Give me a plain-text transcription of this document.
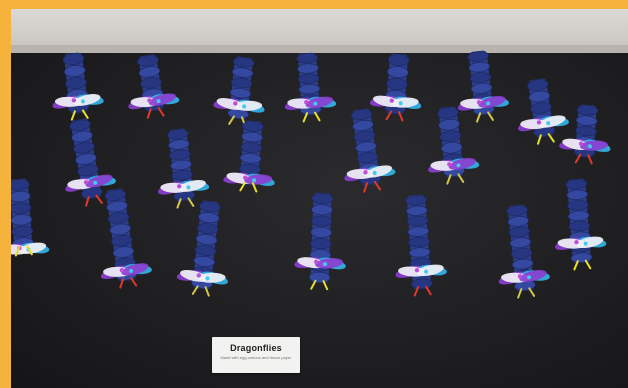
Dragonflies
Made with egg cartons and tissue paper
